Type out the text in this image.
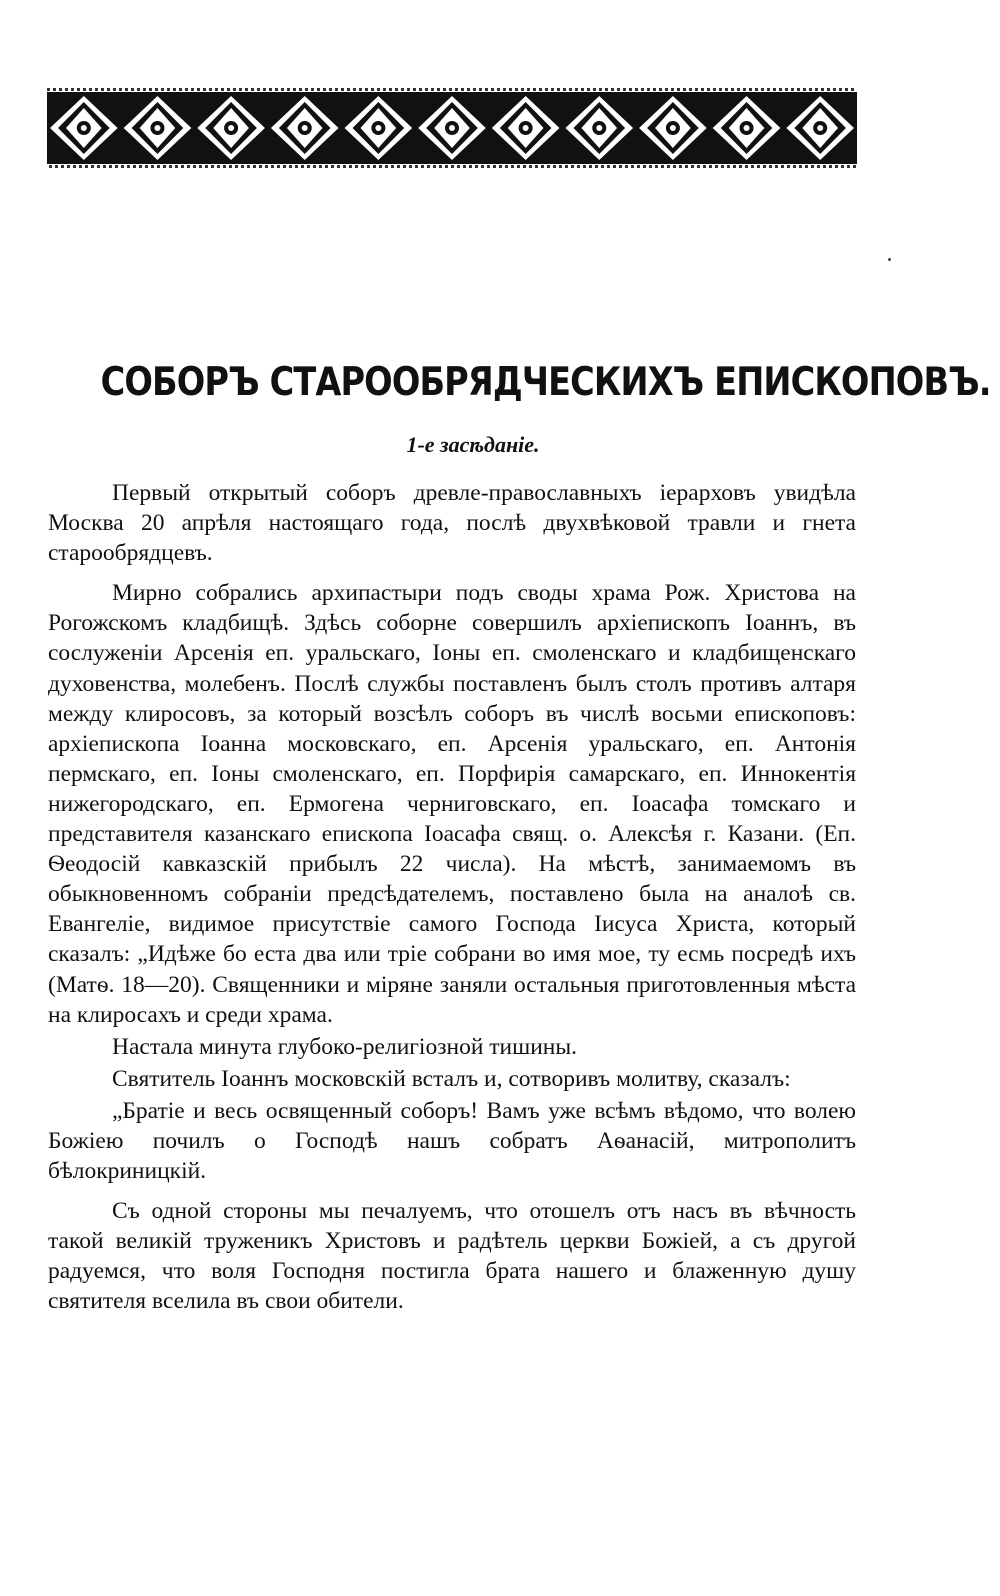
СОБОРЪ СТАРООБРЯДЧЕСКИХЪ ЕПИСКОПОВЪ.
1-е засѣданіе.

Первый открытый соборъ древле-православныхъ іерарховъ увидѣла Москва 20 апрѣля настоящаго года, послѣ двухвѣковой травли и гнета старообрядцевъ.

Мирно собрались архипастыри подъ своды храма Рож. Христова на Рогожскомъ кладбищѣ. Здѣсь соборне совершилъ архіепископъ Іоаннъ, въ сослуженіи Арсенія еп. уральскаго, Іоны еп. смоленскаго и кладбищенскаго духовенства, молебенъ. Послѣ службы поставленъ былъ столъ противъ алтаря между клиросовъ, за который возсѣлъ соборъ въ числѣ восьми епископовъ: архіепископа Іоанна московскаго, еп. Арсенія уральскаго, еп. Антонія пермскаго, еп. Іоны смоленскаго, еп. Порфирія самарскаго, еп. Иннокентія нижегородскаго, еп. Ермогена черниговскаго, еп. Іоасафа томскаго и представителя казанскаго епископа Іоасафа свящ. о. Алексѣя г. Казани. (Еп. Ѳеодосій кавказскій прибылъ 22 числа). На мѣстѣ, занимаемомъ въ обыкновенномъ собраніи предсѣдателемъ, поставлено была на аналоѣ св. Евангеліе, видимое присутствіе самого Господа Іисуса Христа, который сказалъ: „Идѣже бо еста два или тріе собрани во имя мое, ту есмь посредѣ ихъ (Матѳ. 18—20). Священники и міряне заняли остальныя приготовленныя мѣста на клиросахъ и среди храма.

Настала минута глубоко-религіозной тишины.

Святитель Іоаннъ московскій всталъ и, сотворивъ молитву, сказалъ:

„Братіе и весь освященный соборъ! Вамъ уже всѣмъ вѣдомо, что волею Божіею почилъ о Господѣ нашъ собратъ Аѳанасій, митрополитъ бѣлокриницкій.

Съ одной стороны мы печалуемъ, что отошелъ отъ насъ въ вѣчность такой великій труженикъ Христовъ и радѣтель церкви Божіей, а съ другой радуемся, что воля Господня постигла брата нашего и блаженную душу святителя вселила въ свои обители.
